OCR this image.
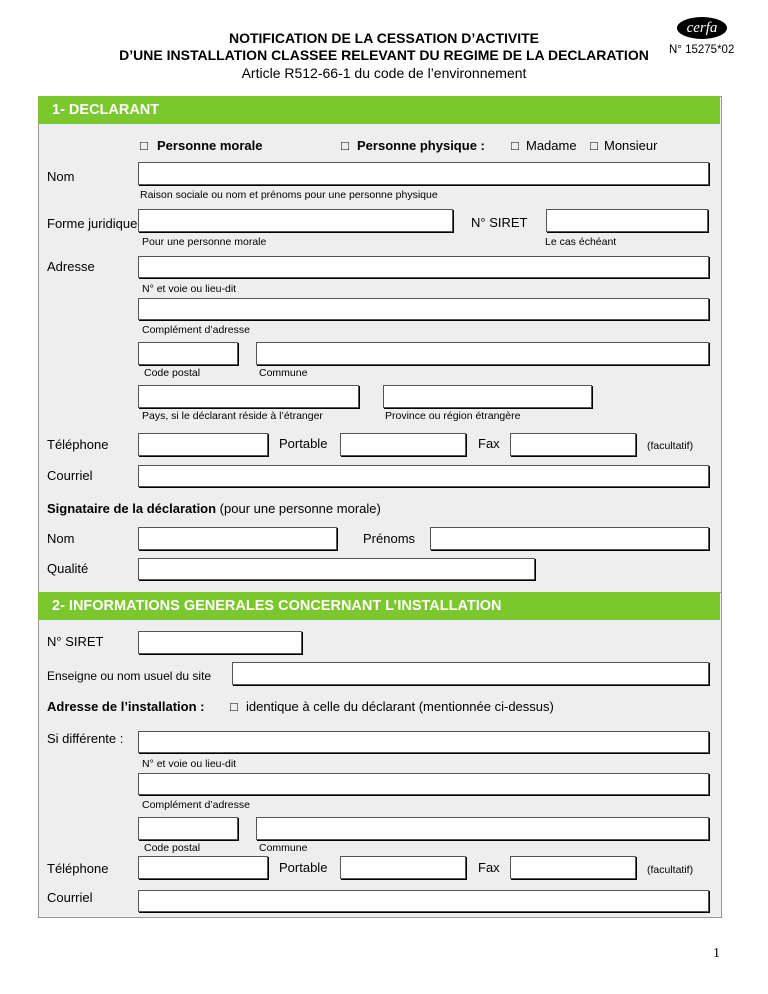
NOTIFICATION DE LA CESSATION D’ACTIVITE
D’UNE INSTALLATION CLASSEE RELEVANT DU REGIME DE LA DECLARATION
Article R512-66-1 du code de l’environnement
cerfa
N° 15275*02
1- DECLARANT
□ Personne morale	□ Personne physique : □ Madame □ Monsieur
Nom
Raison sociale ou nom et prénoms pour une personne physique
Forme juridique
Pour une personne morale
N° SIRET
Le cas échéant
Adresse
N° et voie ou lieu-dit
Complément d’adresse
Code postal	Commune
Pays, si le déclarant réside à l’étranger	Province ou région étrangère
Téléphone	Portable	Fax	(facultatif)
Courriel
Signataire de la déclaration (pour une personne morale)
Nom	Prénoms
Qualité
2- INFORMATIONS GENERALES CONCERNANT L’INSTALLATION
N° SIRET
Enseigne ou nom usuel du site
Adresse de l’installation : □ identique à celle du déclarant (mentionnée ci-dessus)
Si différente :
N° et voie ou lieu-dit
Complément d’adresse
Code postal	Commune
Téléphone	Portable	Fax	(facultatif)
Courriel
1
